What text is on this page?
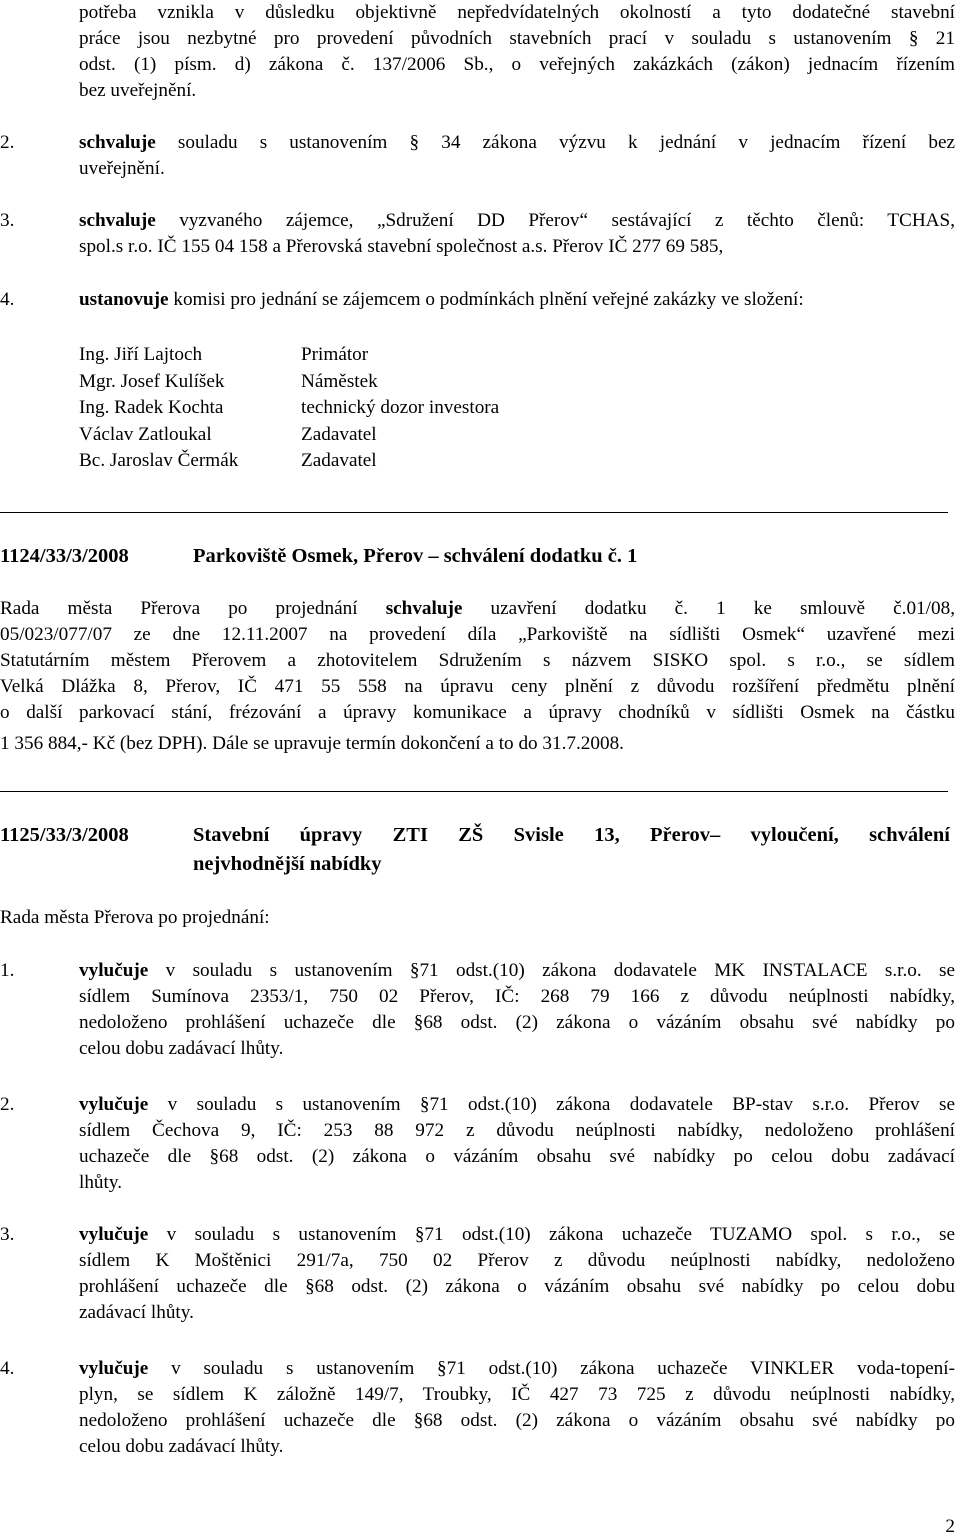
potřeba vznikla v důsledku objektivně nepředvídatelných okolností a tyto dodatečné stavební
práce jsou nezbytné pro provedení původních stavebních prací v souladu s ustanovením § 21
odst. (1) písm. d) zákona č. 137/2006 Sb., o veřejných zakázkách (zákon) jednacím řízením
bez uveřejnění.
2.	schvaluje souladu s ustanovením § 34 zákona výzvu k jednání v jednacím řízení bez
uveřejnění.
3.	schvaluje vyzvaného zájemce, „Sdružení DD Přerov“ sestávající z těchto členů: TCHAS,
spol.s r.o. IČ 155 04 158 a Přerovská stavební společnost a.s. Přerov IČ 277 69 585,
4.	ustanovuje komisi pro jednání se zájemcem o podmínkách plnění veřejné zakázky ve složení:
Ing. Jiří Lajtoch	Primátor
Mgr. Josef Kulíšek	Náměstek
Ing. Radek Kochta	technický dozor investora
Václav Zatloukal	Zadavatel
Bc. Jaroslav Čermák	Zadavatel
1124/33/3/2008	Parkoviště Osmek, Přerov – schválení dodatku č. 1
Rada města Přerova po projednání schvaluje uzavření dodatku č. 1 ke smlouvě č.01/08,
05/023/077/07 ze dne 12.11.2007 na provedení díla „Parkoviště na sídlišti Osmek“ uzavřené mezi
Statutárním městem Přerovem a zhotovitelem Sdružením s názvem SISKO spol. s r.o., se sídlem
Velká Dlážka 8, Přerov, IČ 471 55 558 na úpravu ceny plnění z důvodu rozšíření předmětu plnění
o další parkovací stání, frézování a úpravy komunikace a úpravy chodníků v sídlišti Osmek na částku
1 356 884,- Kč (bez DPH). Dále se upravuje termín dokončení a to do 31.7.2008.
1125/33/3/2008	Stavební úpravy ZTI ZŠ Svisle 13, Přerov– vyloučení, schválení
nejvhodnější nabídky
Rada města Přerova po projednání:
1.	vylučuje v souladu s ustanovením §71 odst.(10) zákona dodavatele MK INSTALACE s.r.o. se
sídlem Sumínova 2353/1, 750 02 Přerov, IČ: 268 79 166 z důvodu neúplnosti nabídky,
nedoloženo prohlášení uchazeče dle §68 odst. (2) zákona o vázáním obsahu své nabídky po
celou dobu zadávací lhůty.
2.	vylučuje v souladu s ustanovením §71 odst.(10) zákona dodavatele BP-stav s.r.o. Přerov se
sídlem Čechova 9, IČ: 253 88 972 z důvodu neúplnosti nabídky, nedoloženo prohlášení
uchazeče dle §68 odst. (2) zákona o vázáním obsahu své nabídky po celou dobu zadávací
lhůty.
3.	vylučuje v souladu s ustanovením §71 odst.(10) zákona uchazeče TUZAMO spol. s r.o., se
sídlem K Moštěnici 291/7a, 750 02 Přerov z důvodu neúplnosti nabídky, nedoloženo
prohlášení uchazeče dle §68 odst. (2) zákona o vázáním obsahu své nabídky po celou dobu
zadávací lhůty.
4.	vylučuje v souladu s ustanovením §71 odst.(10) zákona uchazeče VINKLER voda-topení-
plyn, se sídlem K záložně 149/7, Troubky, IČ 427 73 725 z důvodu neúplnosti nabídky,
nedoloženo prohlášení uchazeče dle §68 odst. (2) zákona o vázáním obsahu své nabídky po
celou dobu zadávací lhůty.
2
